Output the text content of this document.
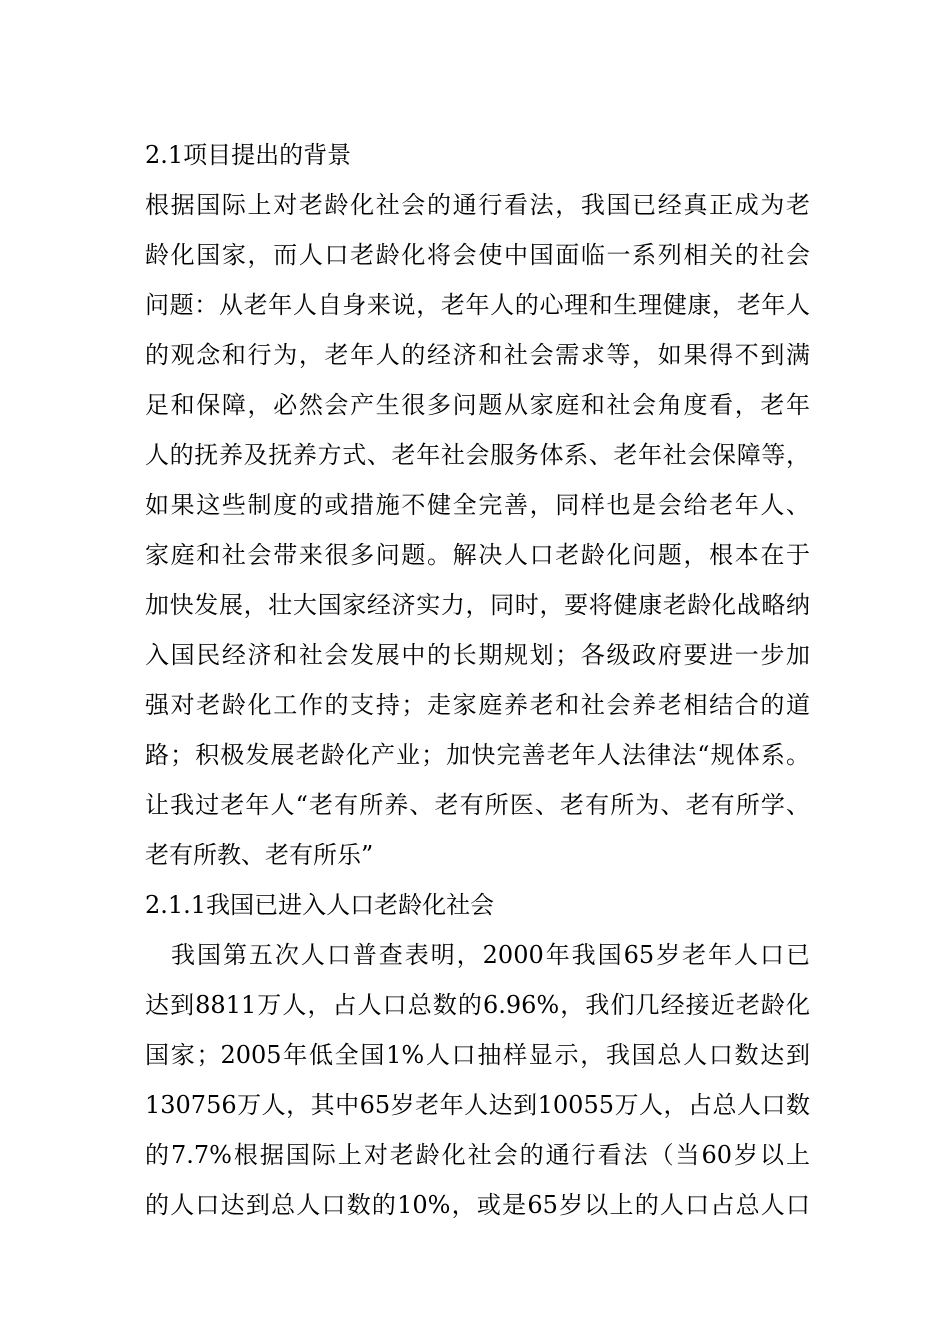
2.1项目提出的背景
根据国际上对老龄化社会的通行看法，我国已经真正成为老
龄化国家，而人口老龄化将会使中国面临一系列相关的社会
问题：从老年人自身来说，老年人的心理和生理健康，老年人
的观念和行为，老年人的经济和社会需求等，如果得不到满
足和保障，必然会产生很多问题从家庭和社会角度看，老年
人的抚养及抚养方式、老年社会服务体系、老年社会保障等，
如果这些制度的或措施不健全完善，同样也是会给老年人、
家庭和社会带来很多问题。解决人口老龄化问题，根本在于
加快发展，壮大国家经济实力，同时，要将健康老龄化战略纳
入国民经济和社会发展中的长期规划；各级政府要进一步加
强对老龄化工作的支持；走家庭养老和社会养老相结合的道
路；积极发展老龄化产业；加快完善老年人法律法“规体系。
让我过老年人“老有所养、老有所医、老有所为、老有所学、
老有所教、老有所乐”
2.1.1我国已进入人口老龄化社会
我国第五次人口普查表明，2000年我国65岁老年人口已
达到8811万人，占人口总数的6.96%，我们几经接近老龄化
国家；2005年低全国1%人口抽样显示，我国总人口数达到
130756万人，其中65岁老年人达到10055万人，占总人口数
的7.7%根据国际上对老龄化社会的通行看法（当60岁以上
的人口达到总人口数的10%，或是65岁以上的人口占总人口
